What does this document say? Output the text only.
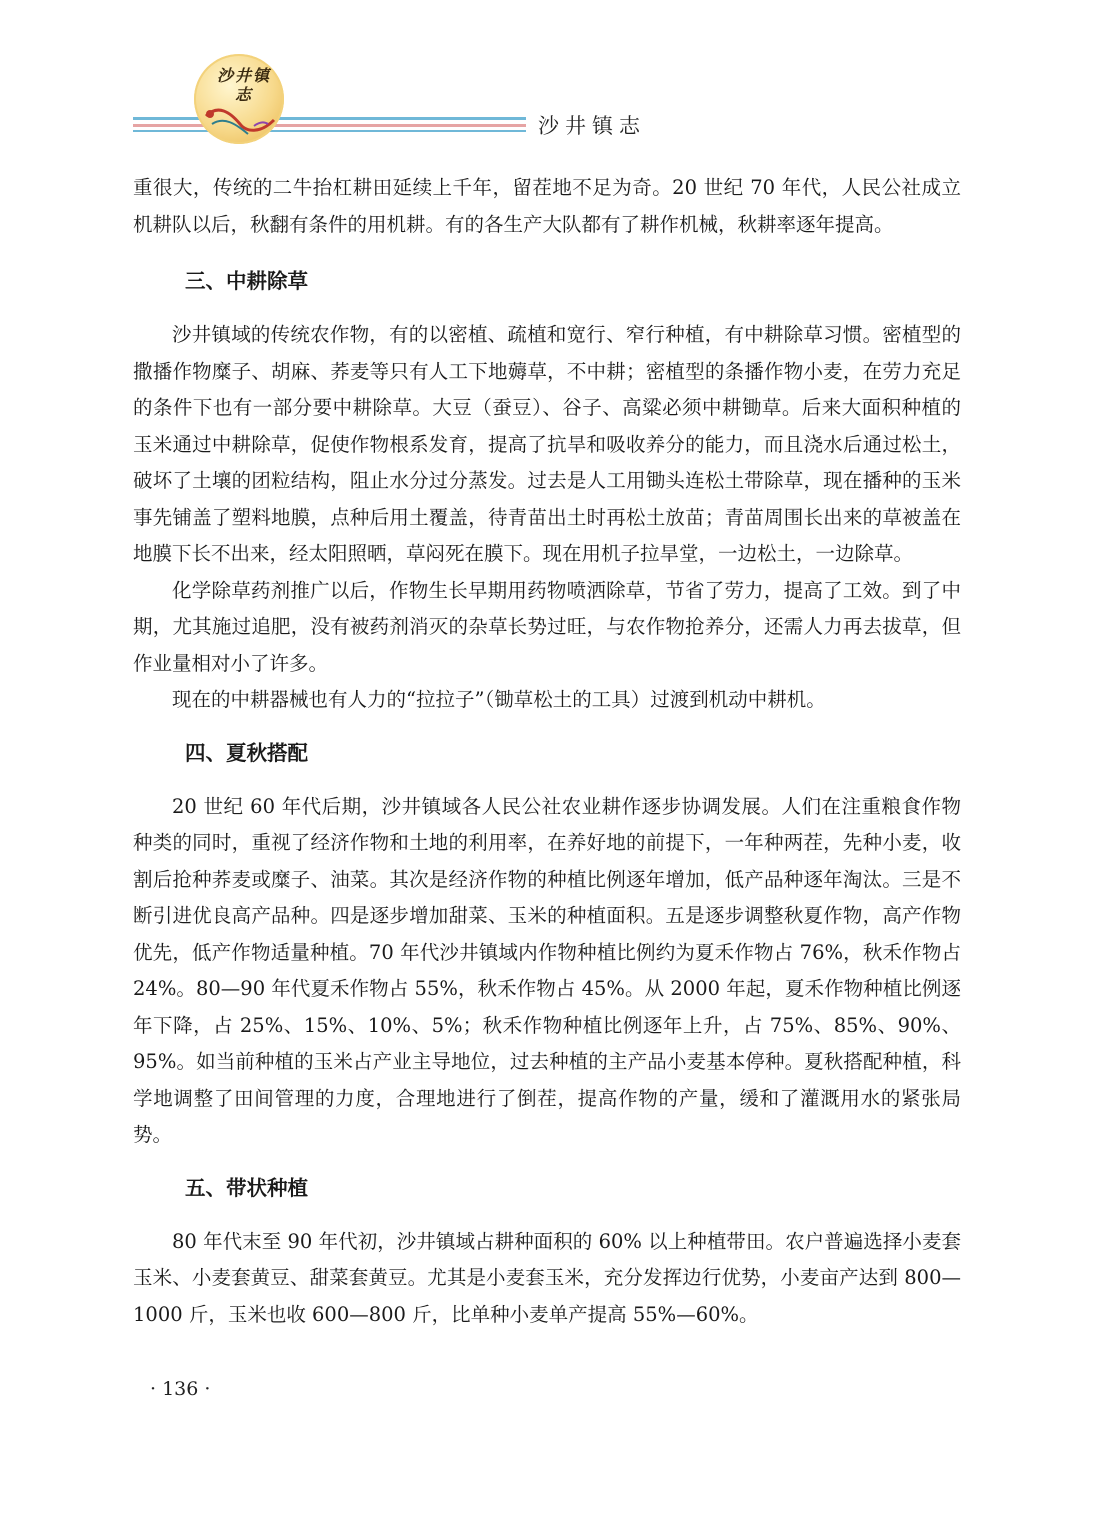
沙井镇志
沙井镇志

重很大，传统的二牛抬杠耕田延续上千年，留茬地不足为奇。20 世纪 70 年代，人民公社成立机耕队以后，秋翻有条件的用机耕。有的各生产大队都有了耕作机械，秋耕率逐年提高。

三、中耕除草

沙井镇域的传统农作物，有的以密植、疏植和宽行、窄行种植，有中耕除草习惯。密植型的撒播作物糜子、胡麻、荞麦等只有人工下地薅草，不中耕；密植型的条播作物小麦，在劳力充足的条件下也有一部分要中耕除草。大豆（蚕豆）、谷子、高粱必须中耕锄草。后来大面积种植的玉米通过中耕除草，促使作物根系发育，提高了抗旱和吸收养分的能力，而且浇水后通过松土，破坏了土壤的团粒结构，阻止水分过分蒸发。过去是人工用锄头连松土带除草，现在播种的玉米事先铺盖了塑料地膜，点种后用土覆盖，待青苗出土时再松土放苗；青苗周围长出来的草被盖在地膜下长不出来，经太阳照晒，草闷死在膜下。现在用机子拉旱堂，一边松土，一边除草。

化学除草药剂推广以后，作物生长早期用药物喷洒除草，节省了劳力，提高了工效。到了中期，尤其施过追肥，没有被药剂消灭的杂草长势过旺，与农作物抢养分，还需人力再去拔草，但作业量相对小了许多。

现在的中耕器械也有人力的“拉拉子”（锄草松土的工具）过渡到机动中耕机。

四、夏秋搭配

20 世纪 60 年代后期，沙井镇域各人民公社农业耕作逐步协调发展。人们在注重粮食作物种类的同时，重视了经济作物和土地的利用率，在养好地的前提下，一年种两茬，先种小麦，收割后抢种荞麦或糜子、油菜。其次是经济作物的种植比例逐年增加，低产品种逐年淘汰。三是不断引进优良高产品种。四是逐步增加甜菜、玉米的种植面积。五是逐步调整秋夏作物，高产作物优先，低产作物适量种植。70 年代沙井镇域内作物种植比例约为夏禾作物占 76%，秋禾作物占 24%。80—90 年代夏禾作物占 55%，秋禾作物占 45%。从 2000 年起，夏禾作物种植比例逐年下降，占 25%、15%、10%、5%；秋禾作物种植比例逐年上升，占 75%、85%、90%、95%。如当前种植的玉米占产业主导地位，过去种植的主产品小麦基本停种。夏秋搭配种植，科学地调整了田间管理的力度，合理地进行了倒茬，提高作物的产量，缓和了灌溉用水的紧张局势。

五、带状种植

80 年代末至 90 年代初，沙井镇域占耕种面积的 60% 以上种植带田。农户普遍选择小麦套玉米、小麦套黄豆、甜菜套黄豆。尤其是小麦套玉米，充分发挥边行优势，小麦亩产达到 800—1000 斤，玉米也收 600—800 斤，比单种小麦单产提高 55%—60%。

· 136 ·
